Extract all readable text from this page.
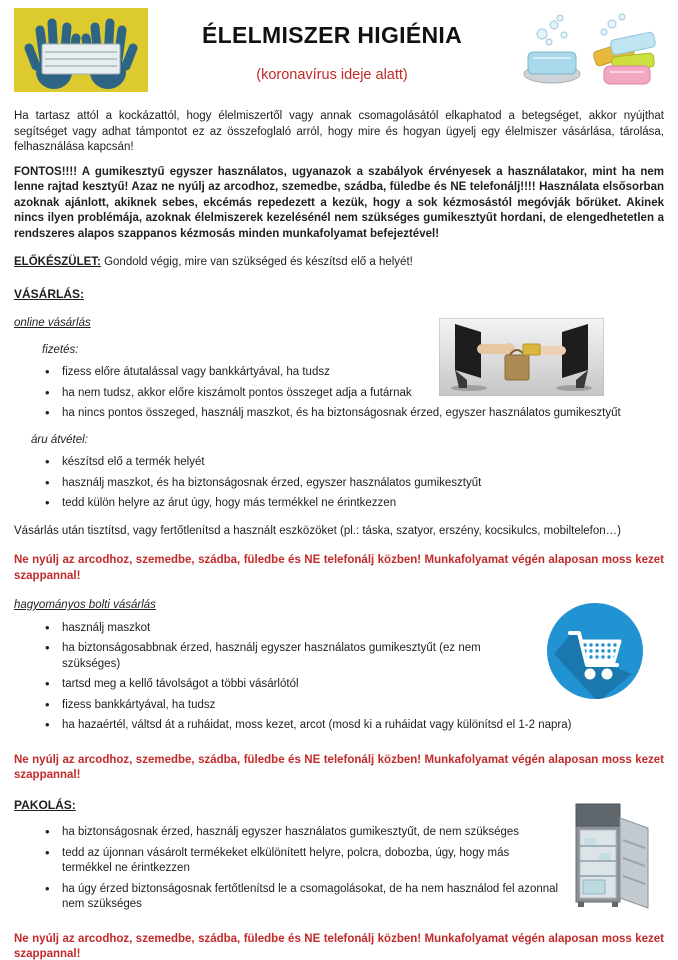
ÉLELMISZER HIGIÉNIA
(koronavírus ideje alatt)

Ha tartasz attól a kockázattól, hogy élelmiszertől vagy annak csomagolásától elkaphatod a betegséget, akkor nyújthat segítséget vagy adhat támpontot ez az összefoglaló arról, hogy mire és hogyan ügyelj egy élelmiszer vásárlása, tárolása, felhasználása kapcsán!

FONTOS!!!! A gumikesztyű egyszer használatos, ugyanazok a szabályok érvényesek a használatakor, mint ha nem lenne rajtad kesztyű! Azaz ne nyúlj az arcodhoz, szemedbe, szádba, füledbe és NE telefonálj!!!! Használata elsősorban azoknak ajánlott, akiknek sebes, ekcémás repedezett a kezük, hogy a sok kézmosástól megóvják bőrüket. Akinek nincs ilyen problémája, azoknak élelmiszerek kezelésénél nem szükséges gumikesztyűt hordani, de elengedhetetlen a rendszeres alapos szappanos kézmosás minden munkafolyamat befejeztével!

ELŐKÉSZÜLET: Gondold végig, mire van szükséged és készítsd elő a helyét!

VÁSÁRLÁS:
online vásárlás
fizetés:
• fizess előre átutalással vagy bankkártyával, ha tudsz
• ha nem tudsz, akkor előre kiszámolt pontos összeget adja a futárnak
• ha nincs pontos összeged, használj maszkot, és ha biztonságosnak érzed, egyszer használatos gumikesztyűt
áru átvétel:
• készítsd elő a termék helyét
• használj maszkot, és ha biztonságosnak érzed, egyszer használatos gumikesztyűt
• tedd külön helyre az árut úgy, hogy más termékkel ne érintkezzen

Vásárlás után tisztítsd, vagy fertőtlenítsd a használt eszközöket (pl.: táska, szatyor, erszény, kocsikulcs, mobiltelefon…)

Ne nyúlj az arcodhoz, szemedbe, szádba, füledbe és NE telefonálj közben! Munkafolyamat végén alaposan moss kezet szappannal!

hagyományos bolti vásárlás
• használj maszkot
• ha biztonságosabbnak érzed, használj egyszer használatos gumikesztyűt (ez nem szükséges)
• tartsd meg a kellő távolságot a többi vásárlótól
• fizess bankkártyával, ha tudsz
• ha hazaértél, váltsd át a ruháidat, moss kezet, arcot (mosd ki a ruháidat vagy különítsd el 1-2 napra)

Ne nyúlj az arcodhoz, szemedbe, szádba, füledbe és NE telefonálj közben! Munkafolyamat végén alaposan moss kezet szappannal!

PAKOLÁS:
• ha biztonságosnak érzed, használj egyszer használatos gumikesztyűt, de nem szükséges
• tedd az újonnan vásárolt termékeket elkülönített helyre, polcra, dobozba, úgy, hogy más termékkel ne érintkezzen
• ha úgy érzed biztonságosnak fertőtlenítsd le a csomagolásokat, de ha nem használod fel azonnal nem szükséges

Ne nyúlj az arcodhoz, szemedbe, szádba, füledbe és NE telefonálj közben! Munkafolyamat végén alaposan moss kezet szappannal!
